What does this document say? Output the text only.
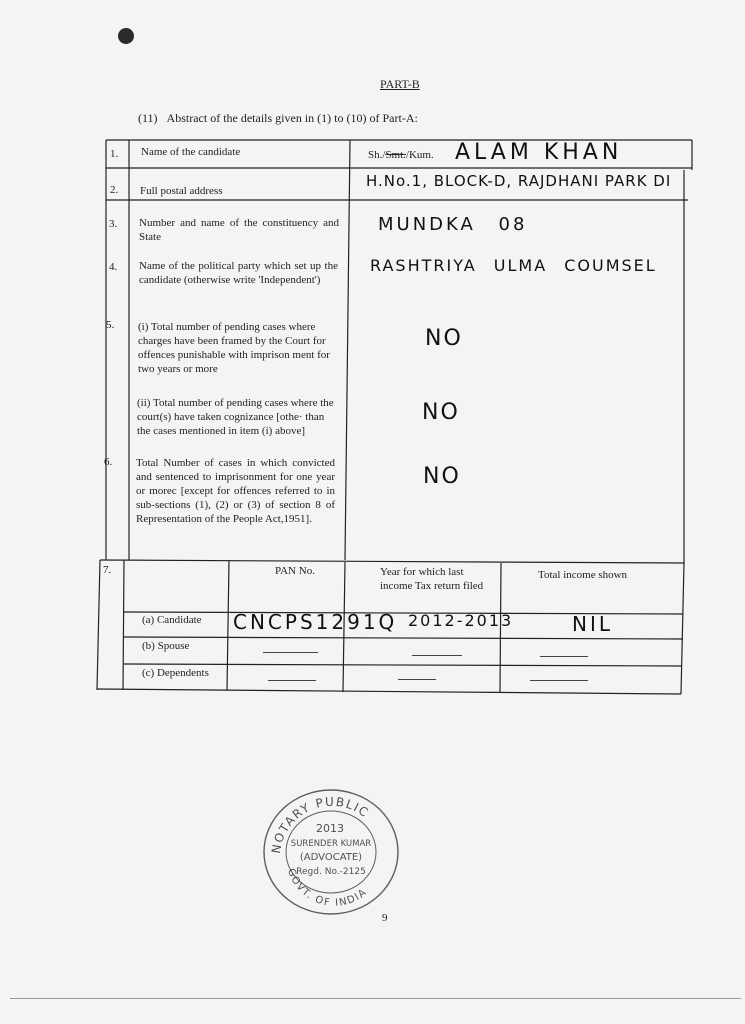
PART-B
(11) Abstract of the details given in (1) to (10) of Part-A:
1.
2.
3.
4.
5.
6.
7.
Name of the candidate
Full postal address
Number and name of the constituency and State
Name of the political party which set up the candidate (otherwise write 'Independent')
(i) Total number of pending cases where charges have been framed by the Court for offences punishable with imprison ment for two years or more
(ii) Total number of pending cases where the court(s) have taken cognizance [othe· than the cases mentioned in item (i) above]
Total Number of cases in which convicted and sentenced to imprisonment for one year or morec [except for offences referred to in sub-sections (1), (2) or (3) of section 8 of Representation of the People Act,1951].
Sh./Smt./Kum. ALAM KHAN
H.No.1, BLOCK-D, RAJDHANI PARK DI
MUNDKA 08
RASHTRIYA ULMA COUMSEL
NO
NO
NO
PAN No.	Year for which last income Tax return filed
Total income shown
(a) Candidate
(b) Spouse
(c) Dependents
CNCPS1291Q 2012-2013	NIL
NOTARY PUBLIC
GOVT. OF INDIA
2013
SURENDER KUMAR
(ADVOCATE)
Regd. No.-2125
9
